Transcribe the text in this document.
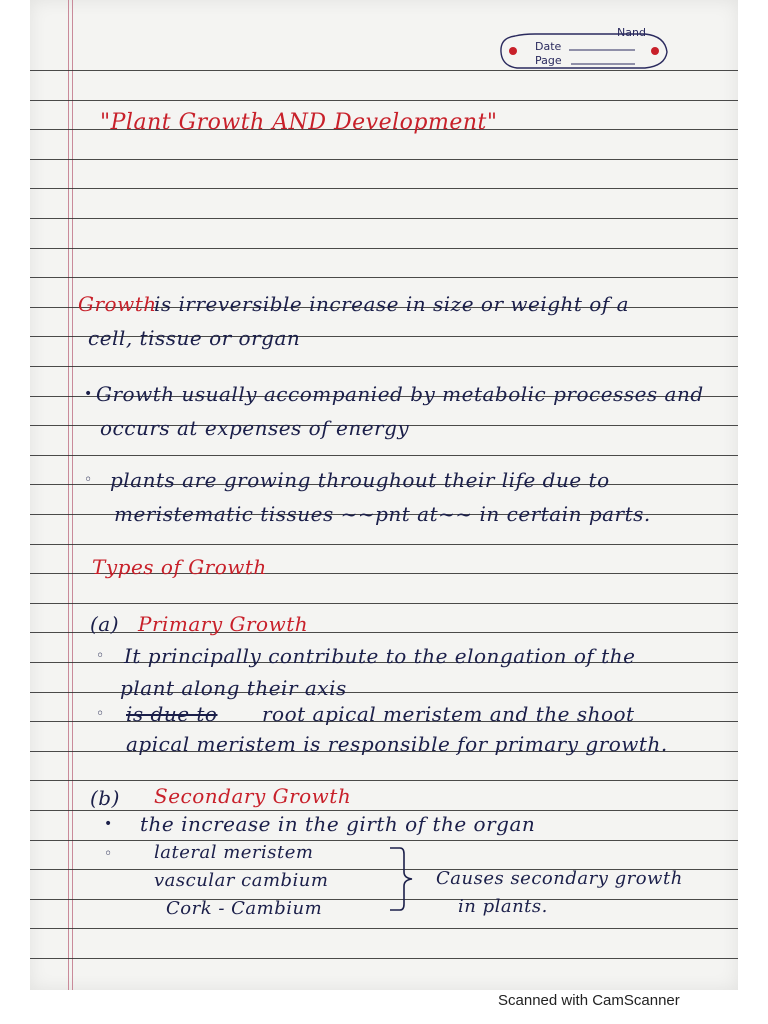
Nand
Date
Page
"Plant Growth AND Development"
Growth
is irreversible increase in size or weight of a
cell, tissue or organ
• Growth usually accompanied by metabolic processes and
occurs at expenses of energy
◦ plants are growing throughout their life due to
meristematic tissues ~~pnt at~~ in certain parts.
Types of Growth
(a) Primary Growth
◦ It principally contribute to the elongation of the
plant along their axis
◦ is due to root apical meristem and the shoot
apical meristem is responsible for primary growth.
(b) Secondary Growth
• the increase in the girth of the organ
◦ lateral meristem
vascular cambium
Cork - Cambium
Causes secondary growth
in plants.
Scanned with CamScanner
